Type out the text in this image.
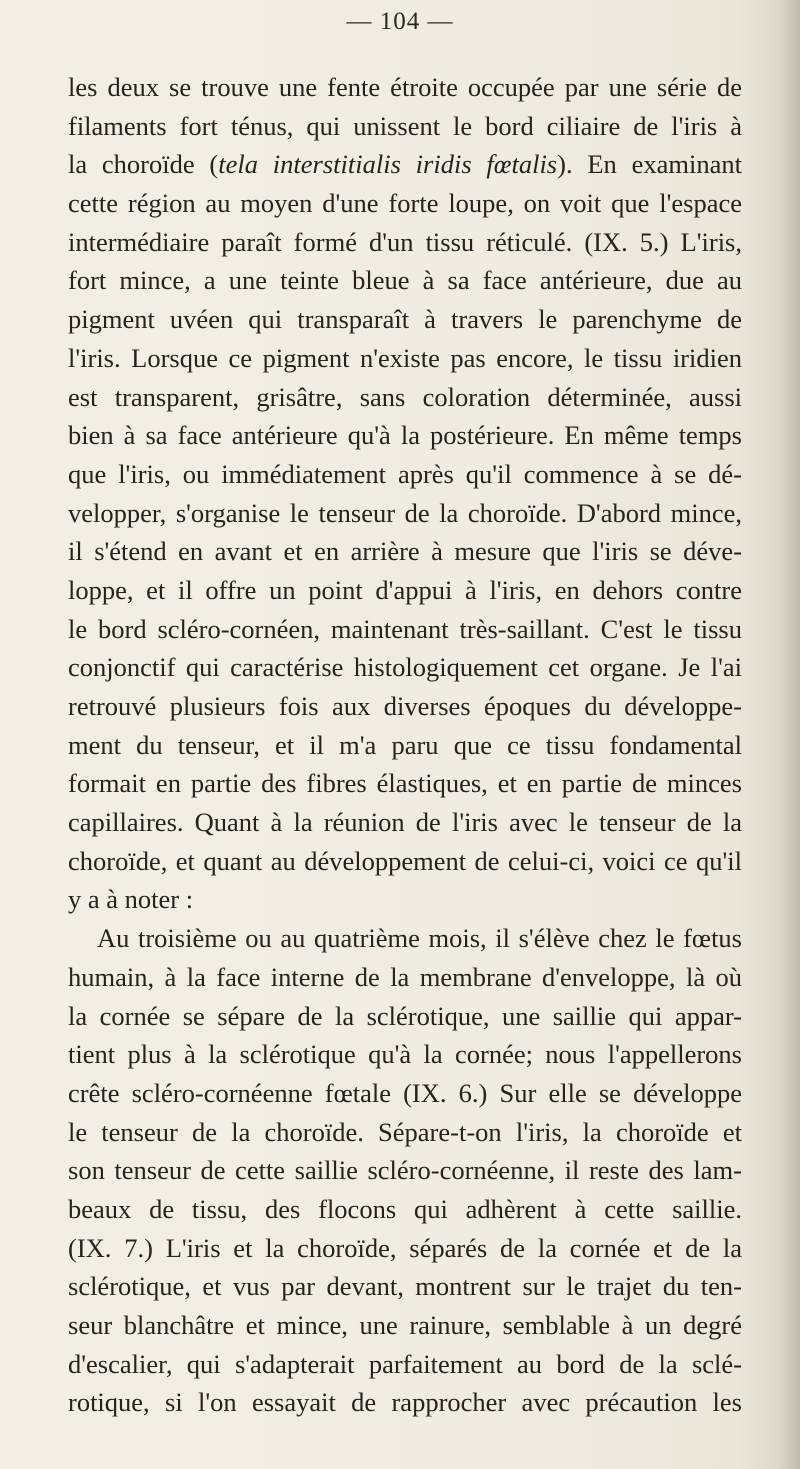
— 104 —
les deux se trouve une fente étroite occupée par une série de
filaments fort ténus, qui unissent le bord ciliaire de l'iris à
la choroïde (tela interstitialis iridis fœtalis). En examinant
cette région au moyen d'une forte loupe, on voit que l'espace
intermédiaire paraît formé d'un tissu réticulé. (IX. 5.) L'iris,
fort mince, a une teinte bleue à sa face antérieure, due au
pigment uvéen qui transparaît à travers le parenchyme de
l'iris. Lorsque ce pigment n'existe pas encore, le tissu iridien
est transparent, grisâtre, sans coloration déterminée, aussi
bien à sa face antérieure qu'à la postérieure. En même temps
que l'iris, ou immédiatement après qu'il commence à se dé-
velopper, s'organise le tenseur de la choroïde. D'abord mince,
il s'étend en avant et en arrière à mesure que l'iris se déve-
loppe, et il offre un point d'appui à l'iris, en dehors contre
le bord scléro-cornéen, maintenant très-saillant. C'est le tissu
conjonctif qui caractérise histologiquement cet organe. Je l'ai
retrouvé plusieurs fois aux diverses époques du développe-
ment du tenseur, et il m'a paru que ce tissu fondamental
formait en partie des fibres élastiques, et en partie de minces
capillaires. Quant à la réunion de l'iris avec le tenseur de la
choroïde, et quant au développement de celui-ci, voici ce qu'il
y a à noter :
Au troisième ou au quatrième mois, il s'élève chez le fœtus
humain, à la face interne de la membrane d'enveloppe, là où
la cornée se sépare de la sclérotique, une saillie qui appar-
tient plus à la sclérotique qu'à la cornée; nous l'appellerons
crête scléro-cornéenne fœtale (IX. 6.) Sur elle se développe
le tenseur de la choroïde. Sépare-t-on l'iris, la choroïde et
son tenseur de cette saillie scléro-cornéenne, il reste des lam-
beaux de tissu, des flocons qui adhèrent à cette saillie.
(IX. 7.) L'iris et la choroïde, séparés de la cornée et de la
sclérotique, et vus par devant, montrent sur le trajet du ten-
seur blanchâtre et mince, une rainure, semblable à un degré
d'escalier, qui s'adapterait parfaitement au bord de la sclé-
rotique, si l'on essayait de rapprocher avec précaution les
